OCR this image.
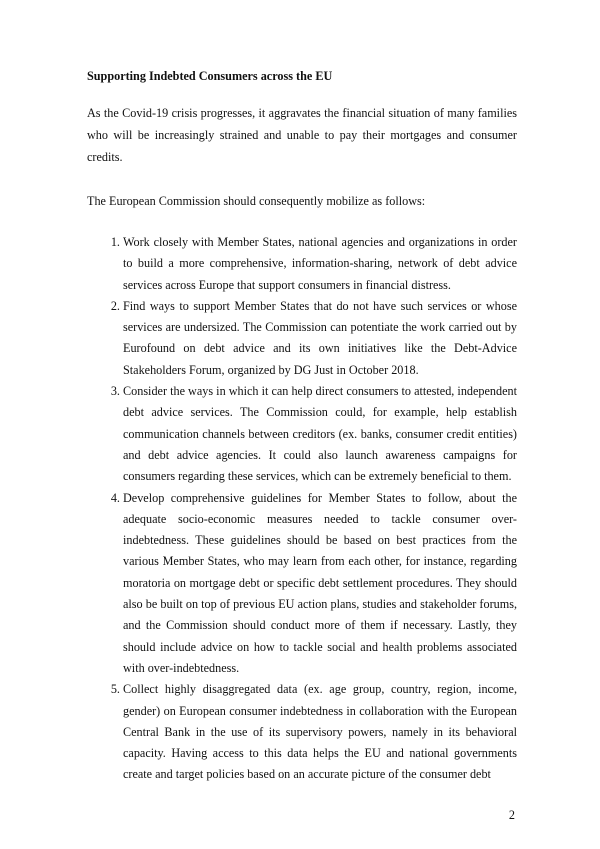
Supporting Indebted Consumers across the EU

As the Covid-19 crisis progresses, it aggravates the financial situation of many families who will be increasingly strained and unable to pay their mortgages and consumer credits.

The European Commission should consequently mobilize as follows:

1. Work closely with Member States, national agencies and organizations in order to build a more comprehensive, information-sharing, network of debt advice services across Europe that support consumers in financial distress.
2. Find ways to support Member States that do not have such services or whose services are undersized. The Commission can potentiate the work carried out by Eurofound on debt advice and its own initiatives like the Debt-Advice Stakeholders Forum, organized by DG Just in October 2018.
3. Consider the ways in which it can help direct consumers to attested, independent debt advice services. The Commission could, for example, help establish communication channels between creditors (ex. banks, consumer credit entities) and debt advice agencies. It could also launch awareness campaigns for consumers regarding these services, which can be extremely beneficial to them.
4. Develop comprehensive guidelines for Member States to follow, about the adequate socio-economic measures needed to tackle consumer over-indebtedness. These guidelines should be based on best practices from the various Member States, who may learn from each other, for instance, regarding moratoria on mortgage debt or specific debt settlement procedures. They should also be built on top of previous EU action plans, studies and stakeholder forums, and the Commission should conduct more of them if necessary. Lastly, they should include advice on how to tackle social and health problems associated with over-indebtedness.
5. Collect highly disaggregated data (ex. age group, country, region, income, gender) on European consumer indebtedness in collaboration with the European Central Bank in the use of its supervisory powers, namely in its behavioral capacity. Having access to this data helps the EU and national governments create and target policies based on an accurate picture of the consumer debt
2
